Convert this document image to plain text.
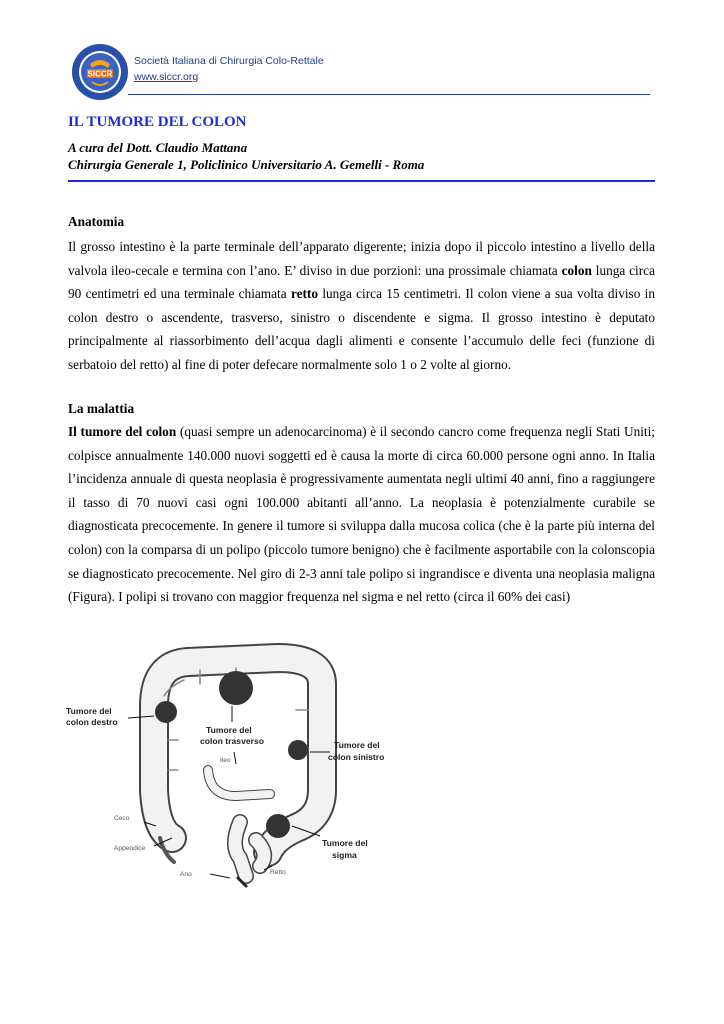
SICCR
Società Italiana di Chirurgia Colo-Rettale
www.siccr.org
IL TUMORE DEL COLON
A cura del Dott. Claudio Mattana
Chirurgia Generale 1, Policlinico Universitario A. Gemelli - Roma
Anatomia

Il grosso intestino è la parte terminale dell’apparato digerente; inizia dopo il piccolo intestino a livello della valvola ileo-cecale e termina con l’ano. E’ diviso in due porzioni: una prossimale chiamata colon lunga circa 90 centimetri ed una terminale chiamata retto lunga circa 15 centimetri. Il colon viene a sua volta diviso in colon destro o ascendente, trasverso, sinistro o discendente e sigma. Il grosso intestino è deputato principalmente al riassorbimento dell’acqua dagli alimenti e consente l’accumulo delle feci (funzione di serbatoio del retto) al fine di poter defecare normalmente solo 1 o 2 volte al giorno.

La malattia

Il tumore del colon (quasi sempre un adenocarcinoma) è il secondo cancro come frequenza negli Stati Uniti; colpisce annualmente 140.000 nuovi soggetti ed è causa la morte di circa 60.000 persone ogni anno. In Italia l’incidenza annuale di questa neoplasia è progressivamente aumentata negli ultimi 40 anni, fino a raggiungere il tasso di 70 nuovi casi ogni 100.000 abitanti all’anno. La neoplasia è potenzialmente curabile se diagnosticata precocemente. In genere il tumore si sviluppa dalla mucosa colica (che è la parte più interna del colon) con la comparsa di un polipo (piccolo tumore benigno) che è facilmente asportabile con la colonscopia se diagnosticato precocemente. Nel giro di 2-3 anni tale polipo si ingrandisce e diventa una neoplasia maligna (Figura). I polipi si trovano con maggior frequenza nel sigma e nel retto (circa il 60% dei casi)

Tumore del
colon destro
Tumore del
colon trasverso	Tumore del
colon sinistro
Tumore del
sigma
Ileo
Ceco
Appendice
Ano	Retto
